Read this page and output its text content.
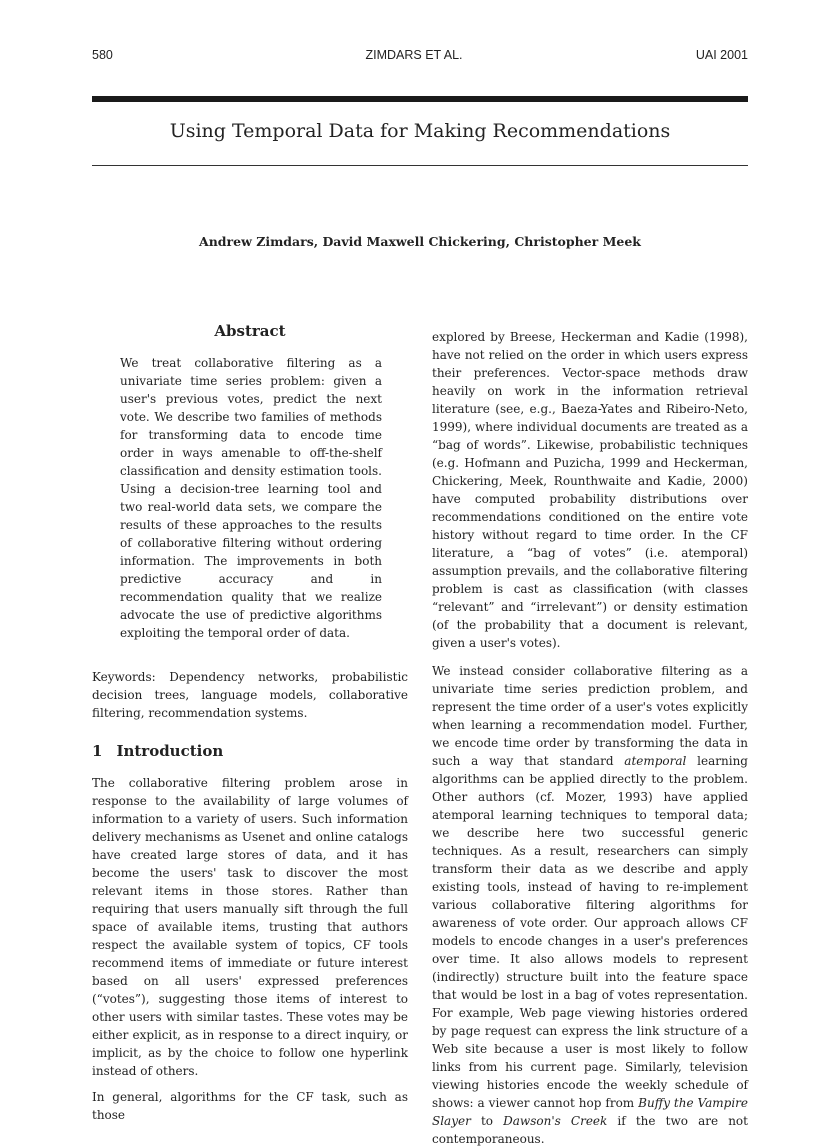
580	ZIMDARS ET AL.	UAI 2001
Using Temporal Data for Making Recommendations
Andrew Zimdars, David Maxwell Chickering, Christopher Meek
Abstract

We treat collaborative filtering as a univariate time series problem: given a user's previous votes, predict the next vote. We describe two families of methods for transforming data to encode time order in ways amenable to off-the-shelf classification and density estimation tools. Using a decision-tree learning tool and two real-world data sets, we compare the results of these approaches to the results of collaborative filtering without ordering information. The improvements in both predictive accuracy and in recommendation quality that we realize advocate the use of predictive algorithms exploiting the temporal order of data.

Keywords: Dependency networks, probabilistic decision trees, language models, collaborative filtering, recommendation systems.

1 Introduction

The collaborative filtering problem arose in response to the availability of large volumes of information to a variety of users. Such information delivery mechanisms as Usenet and online catalogs have created large stores of data, and it has become the users' task to discover the most relevant items in those stores. Rather than requiring that users manually sift through the full space of available items, trusting that authors respect the available system of topics, CF tools recommend items of immediate or future interest based on all users' expressed preferences (“votes”), suggesting those items of interest to other users with similar tastes. These votes may be either explicit, as in response to a direct inquiry, or implicit, as by the choice to follow one hyperlink instead of others.

In general, algorithms for the CF task, such as those

explored by Breese, Heckerman and Kadie (1998), have not relied on the order in which users express their preferences. Vector-space methods draw heavily on work in the information retrieval literature (see, e.g., Baeza-Yates and Ribeiro-Neto, 1999), where individual documents are treated as a “bag of words”. Likewise, probabilistic techniques (e.g. Hofmann and Puzicha, 1999 and Heckerman, Chickering, Meek, Rounthwaite and Kadie, 2000) have computed probability distributions over recommendations conditioned on the entire vote history without regard to time order. In the CF literature, a “bag of votes” (i.e. atemporal) assumption prevails, and the collaborative filtering problem is cast as classification (with classes “relevant” and “irrelevant”) or density estimation (of the probability that a document is relevant, given a user's votes).

We instead consider collaborative filtering as a univariate time series prediction problem, and represent the time order of a user's votes explicitly when learning a recommendation model. Further, we encode time order by transforming the data in such a way that standard atemporal learning algorithms can be applied directly to the problem. Other authors (cf. Mozer, 1993) have applied atemporal learning techniques to temporal data; we describe here two successful generic techniques. As a result, researchers can simply transform their data as we describe and apply existing tools, instead of having to re-implement various collaborative filtering algorithms for awareness of vote order. Our approach allows CF models to encode changes in a user's preferences over time. It also allows models to represent (indirectly) structure built into the feature space that would be lost in a bag of votes representation. For example, Web page viewing histories ordered by page request can express the link structure of a Web site because a user is most likely to follow links from his current page. Similarly, television viewing histories encode the weekly schedule of shows: a viewer cannot hop from Buffy the Vampire Slayer to Dawson's Creek if the two are not contemporaneous.
